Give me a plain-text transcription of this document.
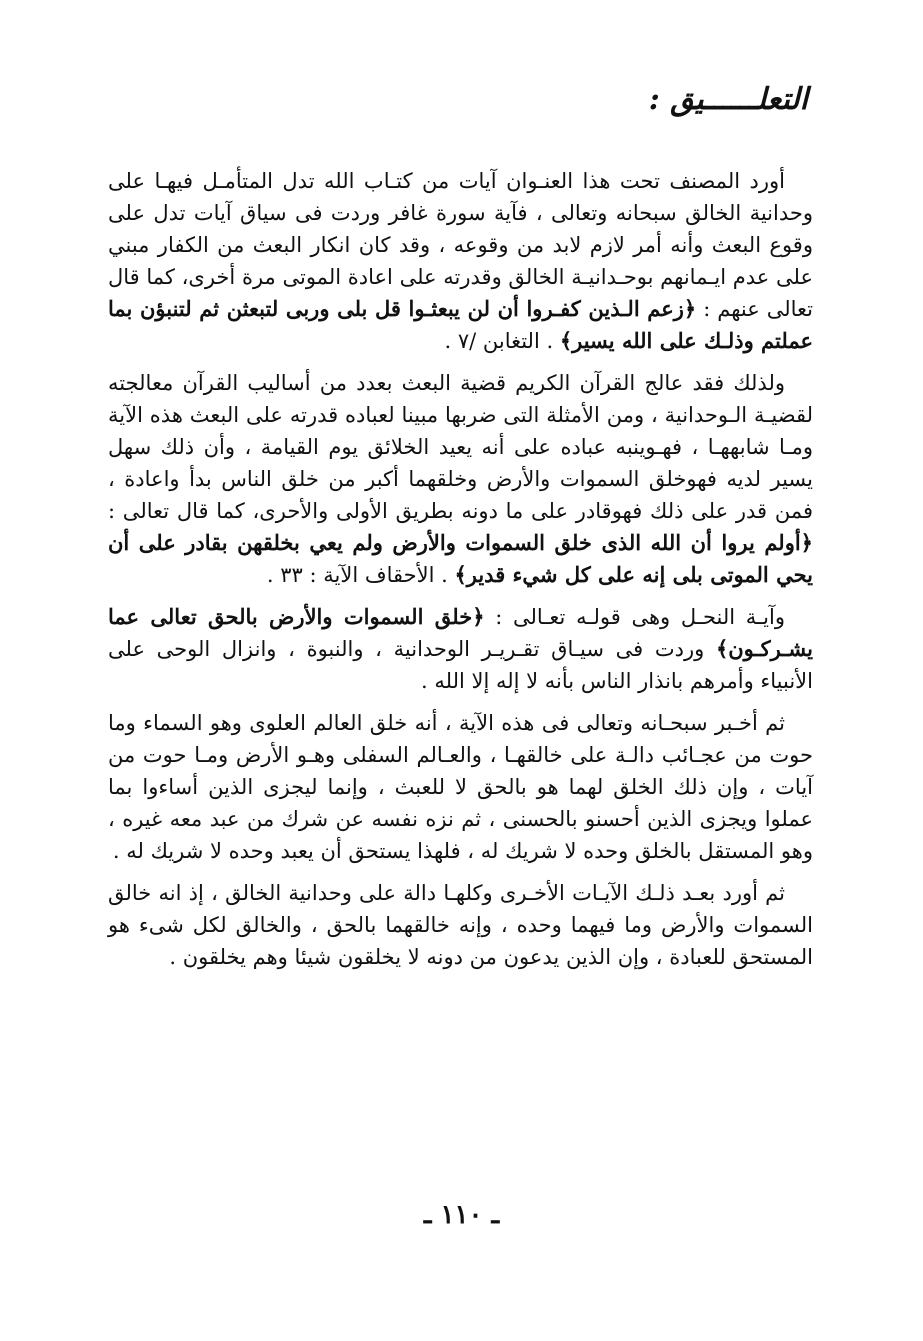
التعلــــــيق :

أورد المصنف تحت هذا العنـوان آيات من كتـاب الله تدل المتأمـل فيهـا على وحدانية الخالق سبحانه وتعالى ، فآية سورة غافر وردت فى سياق آيات تدل على وقوع البعث وأنه أمر لازم لابد من وقوعه ، وقد كان انكار البعث من الكفار مبني على عدم ايـمانهم بوحـدانيـة الخالق وقدرته على اعادة الموتى مرة أخرى، كما قال تعالى عنهم : ﴿زعم الـذين كفـروا أن لن يبعثـوا قل بلى وربى لتبعثن ثم لتنبؤن بما عملتم وذلـك على الله يسير﴾ . التغابن /٧ .

ولذلك فقد عالج القرآن الكريم قضية البعث بعدد من أساليب القرآن معالجته لقضيـة الـوحدانية ، ومن الأمثلة التى ضربها مبينا لعباده قدرته على البعث هذه الآية ومـا شابههـا ، فهـوينبه عباده على أنه يعيد الخلائق يوم القيامة ، وأن ذلك سهل يسير لديه فهوخلق السموات والأرض وخلقهما أكبر من خلق الناس بدأ واعادة ، فمن قدر على ذلك فهوقادر على ما دونه بطريق الأولى والأحرى، كما قال تعالى : ﴿أولم يروا أن الله الذى خلق السموات والأرض ولم يعي بخلقهن بقادر على أن يحي الموتى بلى إنه على كل شيء قدير﴾ . الأحقاف الآية : ٣٣ .

وآيـة النحـل وهى قولـه تعـالى : ﴿خلق السموات والأرض بالحق تعالى عما يشـركـون﴾ وردت فى سيـاق تقـريـر الوحدانية ، والنبوة ، وانزال الوحى على الأنبياء وأمرهم بانذار الناس بأنه لا إله إلا الله .

ثم أخـبر سبحـانه وتعالى فى هذه الآية ، أنه خلق العالم العلوى وهو السماء وما حوت من عجـائب دالـة على خالقهـا ، والعـالم السفلى وهـو الأرض ومـا حوت من آيات ، وإن ذلك الخلق لهما هو بالحق لا للعبث ، وإنما ليجزى الذين أساءوا بما عملوا ويجزى الذين أحسنو بالحسنى ، ثم نزه نفسه عن شرك من عبد معه غيره ، وهو المستقل بالخلق وحده لا شريك له ، فلهذا يستحق أن يعبد وحده لا شريك له .

ثم أورد بعـد ذلـك الآيـات الأخـرى وكلهـا دالة على وحدانية الخالق ، إذ انه خالق السموات والأرض وما فيهما وحده ، وإنه خالقهما بالحق ، والخالق لكل شىء هو المستحق للعبادة ، وإن الذين يدعون من دونه لا يخلقون شيئا وهم يخلقون .

ـ ١١٠ ـ
